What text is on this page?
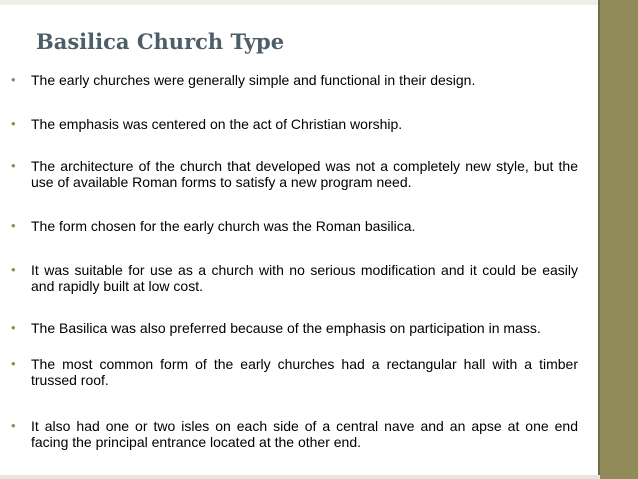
Basilica Church Type
•	The early churches were generally simple and functional in their design.
•	The emphasis was centered on the act of Christian worship.
•	The architecture of the church that developed was not a completely new style, but the use of available Roman forms to satisfy a new program need.
•	The form chosen for the early church was the Roman basilica.
•	It was suitable for use as a church with no serious modification and it could be easily and rapidly built at low cost.
•	The Basilica was also preferred because of the emphasis on participation in mass.
•	The most common form of the early churches had a rectangular hall with a timber trussed roof.
•	It also had one or two isles on each side of a central nave and an apse at one end facing the principal entrance located at the other end.
